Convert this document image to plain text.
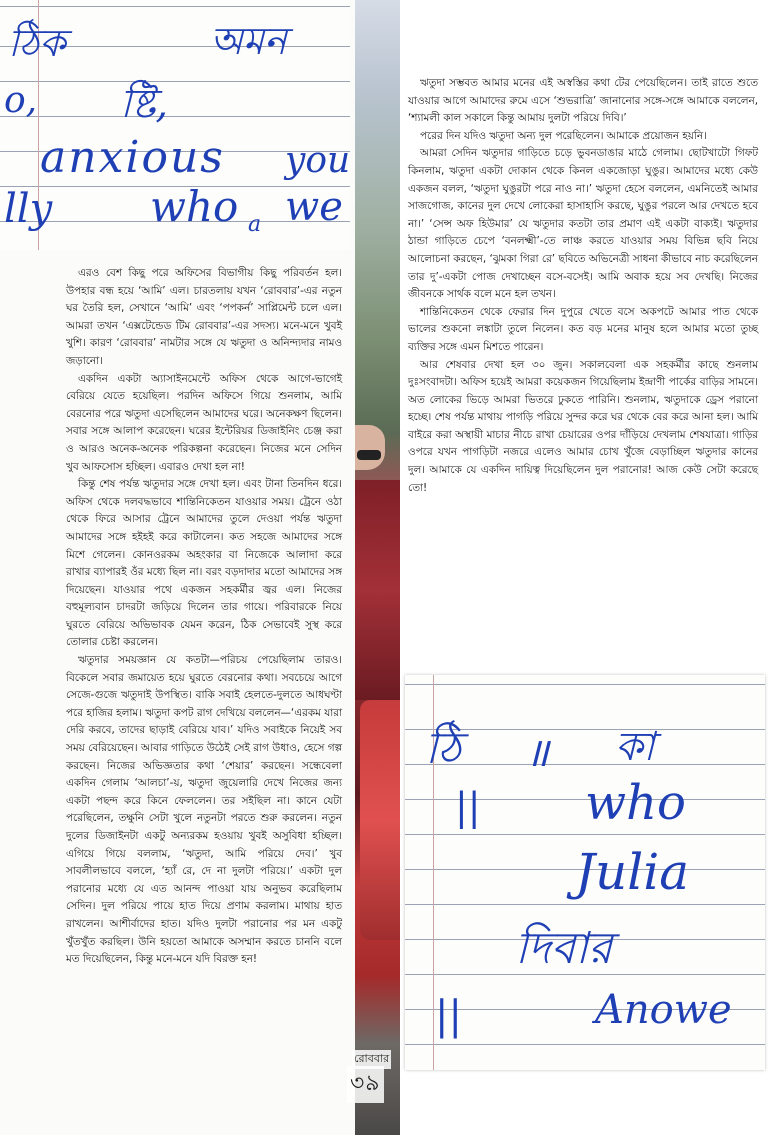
রোববার
৩৯
ঠিক	অমন
o, ষ্টি,
anxious you
lly who a we

এরও বেশ কিছু পরে অফিসের বিভাগীয় কিছু পরিবর্তন হল। উপহার বন্ধ হয়ে ‘আমি’ এল। চারতলায় যখন ‘রোববার’-এর নতুন ঘর তৈরি হল, সেখানে ‘আমি’ এবং ‘পপকর্ন’ সাপ্লিমেন্ট চলে এল। আমরা তখন ‘এক্সটেন্ডেড টিম রোববার’-এর সদস্য। মনে-মনে খুবই খুশি। কারণ ‘রোববার’ নামটার সঙ্গে যে ঋতুদা ও অনিন্দ্যদার নামও জড়ানো।

একদিন একটা অ্যাসাইনমেন্টে অফিস থেকে আগে-ভাগেই বেরিয়ে যেতে হয়েছিল। পরদিন অফিসে গিয়ে শুনলাম, আমি বেরনোর পরে ঋতুদা এসেছিলেন আমাদের ঘরে। অনেকক্ষণ ছিলেন। সবার সঙ্গে আলাপ করেছেন। ঘরের ইন্টেরিয়র ডিজাইনিং চেঞ্জ করা ও আরও অনেক-অনেক পরিকল্পনা করেছেন। নিজের মনে সেদিন খুব আফসোস হচ্ছিল। এবারও দেখা হল না!

কিন্তু শেষ পর্যন্ত ঋতুদার সঙ্গে দেখা হল। এবং টানা তিনদিন ধরে। অফিস থেকে দলবদ্ধভাবে শান্তিনিকেতন যাওয়ার সময়। ট্রেনে ওঠা থেকে ফিরে আসার ট্রেনে আমাদের তুলে দেওয়া পর্যন্ত ঋতুদা আমাদের সঙ্গে হইহই করে কাটালেন। কত সহজে আমাদের সঙ্গে মিশে গেলেন। কোনওরকম অহংকার বা নিজেকে আলাদা করে রাখার ব্যাপারই ওঁর মধ্যে ছিল না। বরং বড়দাদার মতো আমাদের সঙ্গ দিয়েছেন। যাওয়ার পথে একজন সহকর্মীর জ্বর এল। নিজের বহুমূল্যবান চাদরটা জড়িয়ে দিলেন তার গায়ে। পরিবারকে নিয়ে ঘুরতে বেরিয়ে অভিভাবক যেমন করেন, ঠিক সেভাবেই সুস্থ করে তোলার চেষ্টা করলেন।

ঋতুদার সময়জ্ঞান যে কতটা—পরিচয় পেয়েছিলাম তারও। বিকেলে সবার জমায়েত হয়ে ঘুরতে বেরনোর কথা। সবচেয়ে আগে সেজে-গুজে ঋতুদাই উপস্থিত। বাকি সবাই হেলতে-দুলতে আধঘণ্টা পরে হাজির হলাম। ঋতুদা কপট রাগ দেখিয়ে বললেন—‘এরকম যারা দেরি করবে, তাদের ছাড়াই বেরিয়ে যাব।’ যদিও সবাইকে নিয়েই সব সময় বেরিয়েছেন। আবার গাড়িতে উঠেই সেই রাগ উধাও, হেসে গল্প করছেন। নিজের অভিজ্ঞতার কথা ‘শেয়ার’ করছেন। সন্ধেবেলা একদিন গেলাম ‘আলচা’-য়, ঋতুদা জুয়েলারি দেখে নিজের জন্য একটা পছন্দ করে কিনে ফেললেন। তর সইছিল না। কানে যেটা পরেছিলেন, তক্ষুনি সেটা খুলে নতুনটা পরতে শুরু করলেন। নতুন দুলের ডিজাইনটা একটু অন্যরকম হওয়ায় খুবই অসুবিধা হচ্ছিল। এগিয়ে গিয়ে বললাম, ‘ঋতুদা, আমি পরিয়ে দেব।’ খুব সাবলীলভাবে বললে, ‘হ্যাঁ রে, দে না দুলটা পরিয়ে।’ একটা দুল পরানোর মধ্যে যে এত আনন্দ পাওয়া যায় অনুভব করেছিলাম সেদিন। দুল পরিয়ে পায়ে হাত দিয়ে প্রণাম করলাম। মাথায় হাত রাখলেন। আশীর্বাদের হাত। যদিও দুলটা পরানোর পর মন একটু খুঁতখুঁত করছিল। উনি হয়তো আমাকে অসম্মান করতে চাননি বলে মত দিয়েছিলেন, কিন্তু মনে-মনে যদি বিরক্ত হন!

ঋতুদা সম্ভবত আমার মনের এই অস্বস্তির কথা টের পেয়েছিলেন। তাই রাতে শুতে যাওয়ার আগে আমাদের রুমে এসে ‘শুভরাত্রি’ জানানোর সঙ্গে-সঙ্গে আমাকে বললেন, ‘শ্যামলী কাল সকালে কিন্তু আমায় দুলটা পরিয়ে দিবি।’

পরের দিন যদিও ঋতুদা অন্য দুল পরেছিলেন। আমাকে প্রয়োজন হয়নি।

আমরা সেদিন ঋতুদার গাড়িতে চড়ে ভুবনডাঙার মাঠে গেলাম। ছোটখাটো গিফট কিনলাম, ঋতুদা একটা দোকান থেকে কিনল একজোড়া ঘুঙুর। আমাদের মধ্যে কেউ একজন বলল, ‘ঋতুদা ঘুঙুরটা পরে নাও না।’ ঋতুদা হেসে বললেন, এমনিতেই আমার সাজগোজ, কানের দুল দেখে লোকেরা হাসাহাসি করছে, ঘুঙুর পরলে আর দেখতে হবে না।’ ‘সেন্স অফ হিউমার’ যে ঋতুদার কতটা তার প্রমাণ এই একটা বাক্যই। ঋতুদার ঠান্ডা গাড়িতে চেপে ‘বনলক্ষ্মী’-তে লাঞ্চ করতে যাওয়ার সময় বিভিন্ন ছবি নিয়ে আলোচনা করছেন, ‘ঝুমকা গিরা রে’ ছবিতে অভিনেত্রী সাধনা কীভাবে নাচ করেছিলেন তার দু’-একটা পোজ দেখাচ্ছেন বসে-বসেই। আমি অবাক হয়ে সব দেখছি। নিজের জীবনকে সার্থক বলে মনে হল তখন।

শান্তিনিকেতন থেকে ফেরার দিন দুপুরে খেতে বসে অকপটে আমার পাত থেকে ভালের শুকনো লঙ্কাটা তুলে নিলেন। কত বড় মনের মানুষ হলে আমার মতো তুচ্ছ ব্যক্তির সঙ্গে এমন মিশতে পারেন।

আর শেষবার দেখা হল ৩০ জুন। সকালবেলা এক সহকর্মীর কাছে শুনলাম দুঃসংবাদটা। অফিস হয়েই আমরা কয়েকজন গিয়েছিলাম ইন্দ্রাণী পার্কের বাড়ির সামনে। অত লোকের ভিড়ে আমরা ভিতরে ঢুকতে পারিনি। শুনলাম, ঋতুদাকে ড্রেস পরানো হচ্ছে। শেষ পর্যন্ত মাথায় পাগড়ি পরিয়ে সুন্দর করে ঘর থেকে বের করে আনা হল। আমি বাইরে করা অস্থায়ী মাচার নীচে রাখা চেয়ারের ওপর দাঁড়িয়ে দেখলাম শেষযাত্রা। গাড়ির ওপরে যখন পাগড়িটা নজরে এলেও আমার চোখ খুঁজে বেড়াচ্ছিল ঋতুদার কানের দুল। আমাকে যে একদিন দায়িত্ব দিয়েছিলেন দুল পরানোর! আজ কেউ সেটা করেছে তো!

ঠি ॥ কা
|| who
Julia
দিবার
||	Anowe
